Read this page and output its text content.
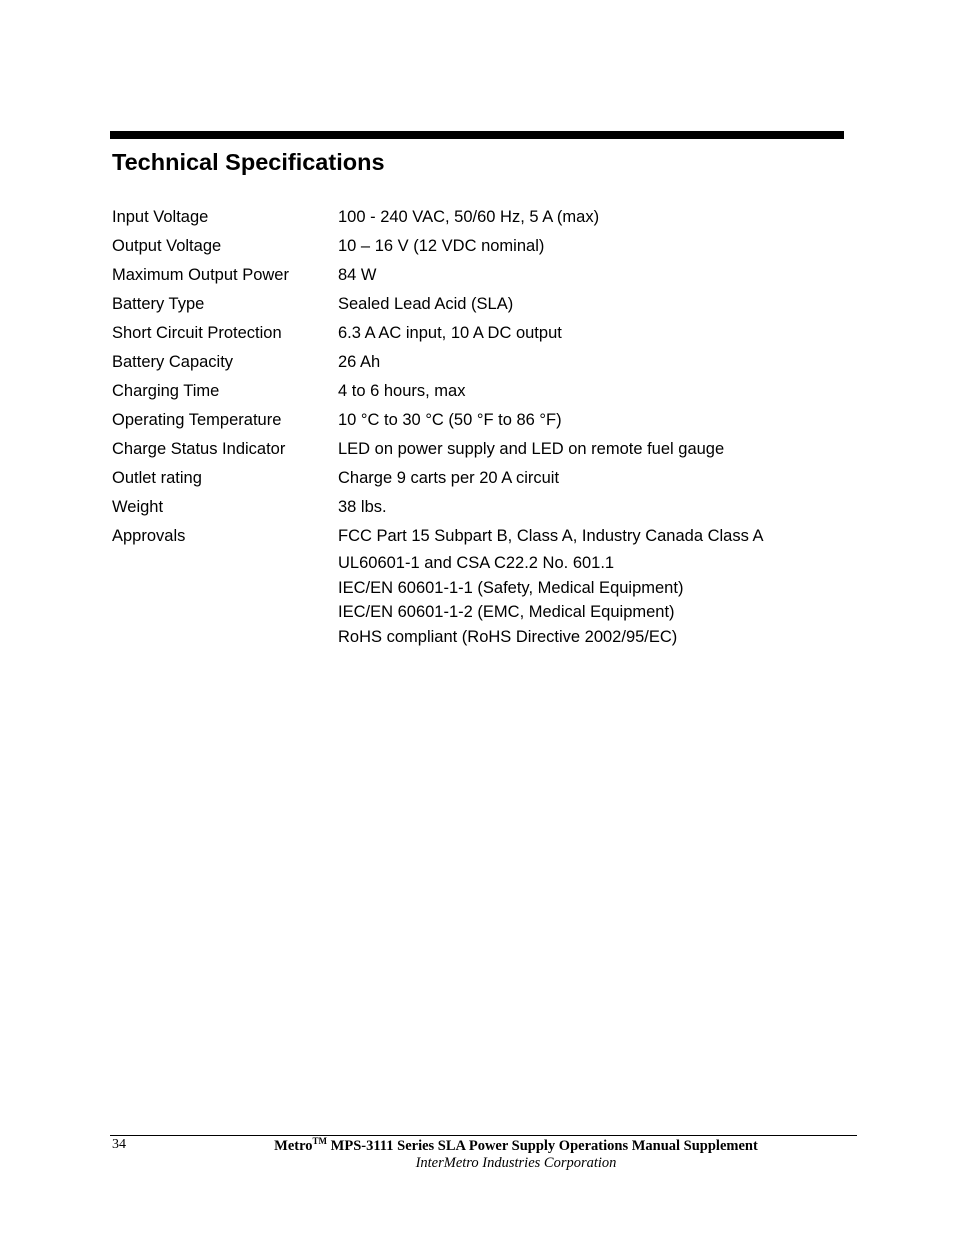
Technical Specifications
Input Voltage	100 - 240 VAC, 50/60 Hz, 5 A (max)
Output Voltage	10 – 16 V (12 VDC nominal)
Maximum Output Power	84 W
Battery Type	Sealed Lead Acid (SLA)
Short Circuit Protection	6.3 A AC input, 10 A DC output
Battery Capacity	26 Ah
Charging Time	4 to 6 hours, max
Operating Temperature	10 °C to 30 °C (50 °F to 86 °F)
Charge Status Indicator	LED on power supply and LED on remote fuel gauge
Outlet rating	Charge 9 carts per 20 A circuit
Weight	38 lbs.
Approvals	FCC Part 15 Subpart B, Class A, Industry Canada Class A
UL60601-1 and CSA C22.2 No. 601.1
IEC/EN 60601-1-1 (Safety, Medical Equipment)
IEC/EN 60601-1-2 (EMC, Medical Equipment)
RoHS compliant (RoHS Directive 2002/95/EC)
34	Metro™ MPS-3111 Series SLA Power Supply Operations Manual Supplement
InterMetro Industries Corporation
